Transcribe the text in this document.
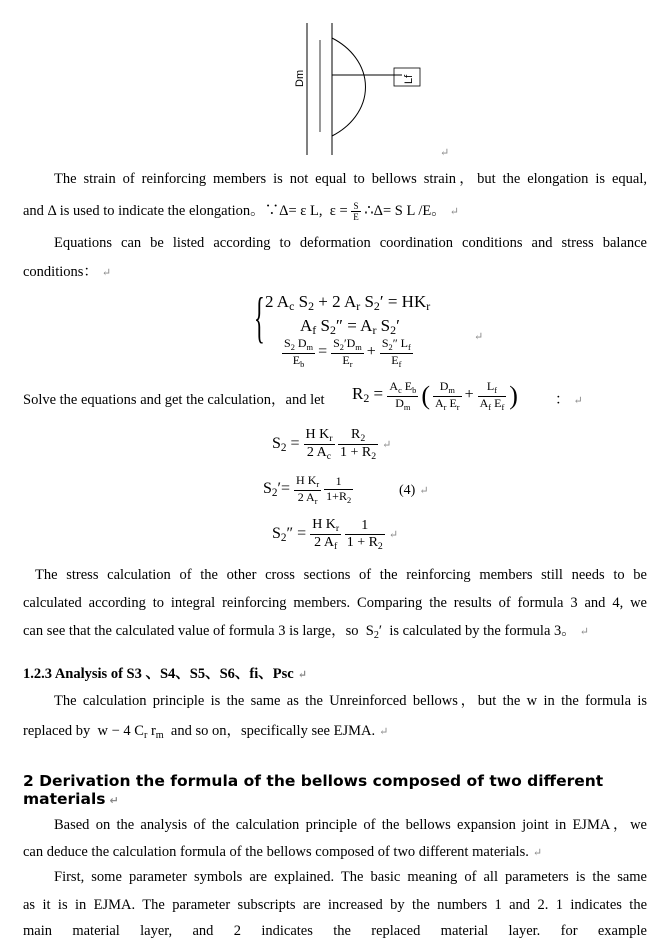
Dm	Lf
↵
The strain of reinforcing members is not equal to bellows strain，but the elongation is equal,
and Δ is used to indicate the elongation。∵Δ= ε L,  $\varepsilon = \frac{S}{E}$ ∴Δ= S L /E。 ↵
Equations can be listed according to deformation coordination conditions and stress balance
conditions： ↵
{ 2 $A_c$ $S_2 + 2$ $A_r$ $S_2' = HK_r$
$A_f$ $S_2'' = A_r$ $S_2'$
$\frac{S_2 D_m}{E_b} = \frac{S_2'D_m}{E_r} + \frac{S_2'' L_f}{E_f}$	↵
Solve the equations and get the calculation，and let $R_2 = \frac{A_c E_b}{D_m}$ ( $\frac{D_m}{A_r E_r} + \frac{L_f}{A_f E_f}$ )	： ↵
$S_2 = \frac{H K_r}{2 A_c}$
$\frac{R_2}{1 + R_2}$ ↵
$S_2'= \frac{H K_r}{2 A_r}$
$\frac{1}{1+R_2}$	(4) ↵
$S_2'' = \frac{H K_r}{2 A_f}$
$\frac{1}{1 + R_2}$ ↵
The stress calculation of the other cross sections of the reinforcing members still needs to be
calculated according to integral reinforcing members. Comparing the results of formula 3 and 4, we
can see that the calculated value of formula 3 is large，so  $S_2'$  is calculated by the formula 3。 ↵
1.2.3 Analysis of S3 、S4、S5、S6、fi、Psc ↵
The calculation principle is the same as the Unreinforced bellows，but the w in the formula is
replaced by  w − 4 $C_r$ $r_m$ and so on，specifically see EJMA. ↵
2 Derivation the formula of the bellows composed of two different materials ↵
Based on the analysis of the calculation principle of the bellows expansion joint in EJMA，we
can deduce the calculation formula of the bellows composed of two different materials. ↵
First, some parameter symbols are explained. The basic meaning of all parameters is the same
as it is in EJMA. The parameter subscripts are increased by the numbers 1 and 2. 1 indicates the
main material layer, and 2 indicates the replaced material layer. for example
